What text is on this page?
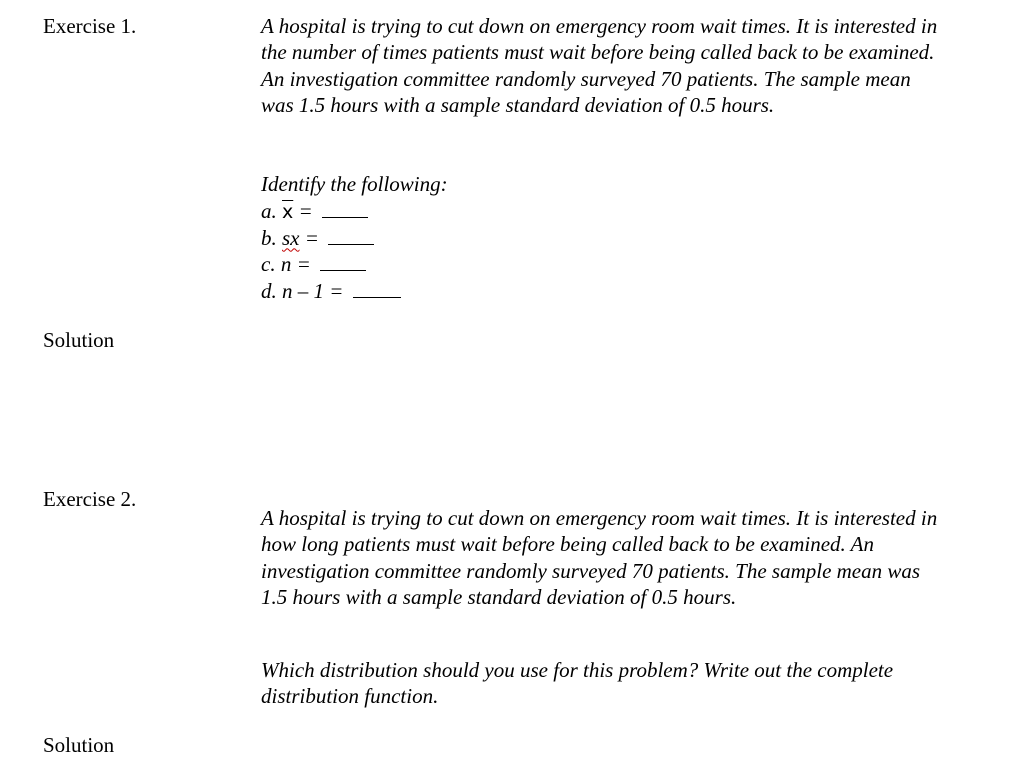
Exercise 1.	A hospital is trying to cut down on emergency room wait times. It is interested in the number of times patients must wait before being called back to be examined. An investigation committee randomly surveyed 70 patients. The sample mean was 1.5 hours with a sample standard deviation of 0.5 hours.
Identify the following:
a. $\overline{x}$ =
b. sx =
c. n =
d. n – 1 =
Solution
Exercise 2.
A hospital is trying to cut down on emergency room wait times. It is interested in how long patients must wait before being called back to be examined. An investigation committee randomly surveyed 70 patients. The sample mean was 1.5 hours with a sample standard deviation of 0.5 hours.
Which distribution should you use for this problem? Write out the complete distribution function.
Solution
